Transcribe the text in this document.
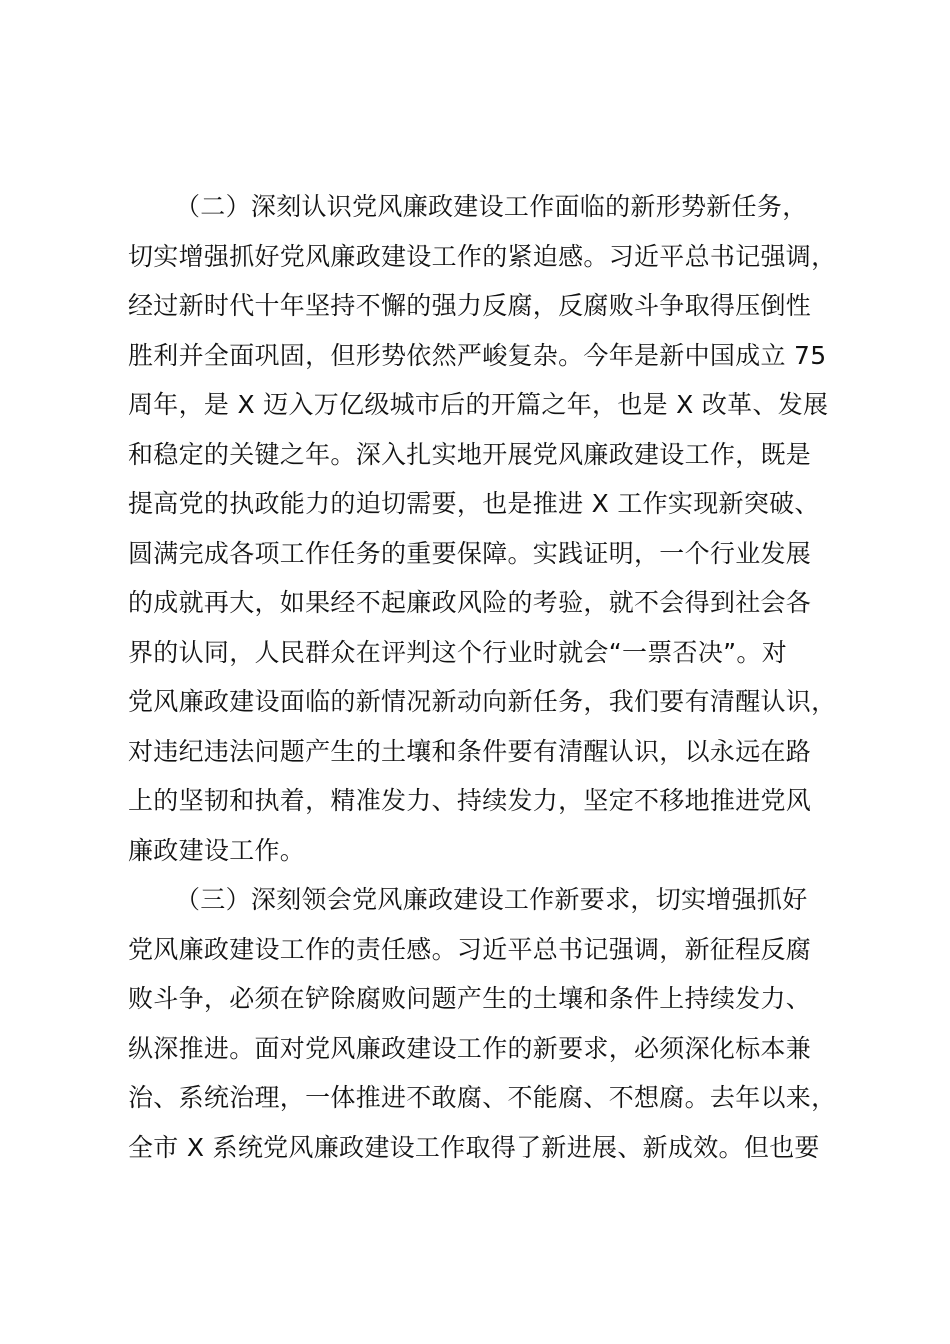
（二）深刻认识党风廉政建设工作面临的新形势新任务，
切实增强抓好党风廉政建设工作的紧迫感。习近平总书记强调，
经过新时代十年坚持不懈的强力反腐，反腐败斗争取得压倒性
胜利并全面巩固，但形势依然严峻复杂。今年是新中国成立 75
周年，是 X 迈入万亿级城市后的开篇之年，也是 X 改革、发展
和稳定的关键之年。深入扎实地开展党风廉政建设工作，既是
提高党的执政能力的迫切需要，也是推进 X 工作实现新突破、
圆满完成各项工作任务的重要保障。实践证明，一个行业发展
的成就再大，如果经不起廉政风险的考验，就不会得到社会各
界的认同，人民群众在评判这个行业时就会“一票否决”。对
党风廉政建设面临的新情况新动向新任务，我们要有清醒认识，
对违纪违法问题产生的土壤和条件要有清醒认识，以永远在路
上的坚韧和执着，精准发力、持续发力，坚定不移地推进党风
廉政建设工作。
（三）深刻领会党风廉政建设工作新要求，切实增强抓好
党风廉政建设工作的责任感。习近平总书记强调，新征程反腐
败斗争，必须在铲除腐败问题产生的土壤和条件上持续发力、
纵深推进。面对党风廉政建设工作的新要求，必须深化标本兼
治、系统治理，一体推进不敢腐、不能腐、不想腐。去年以来，
全市 X 系统党风廉政建设工作取得了新进展、新成效。但也要
